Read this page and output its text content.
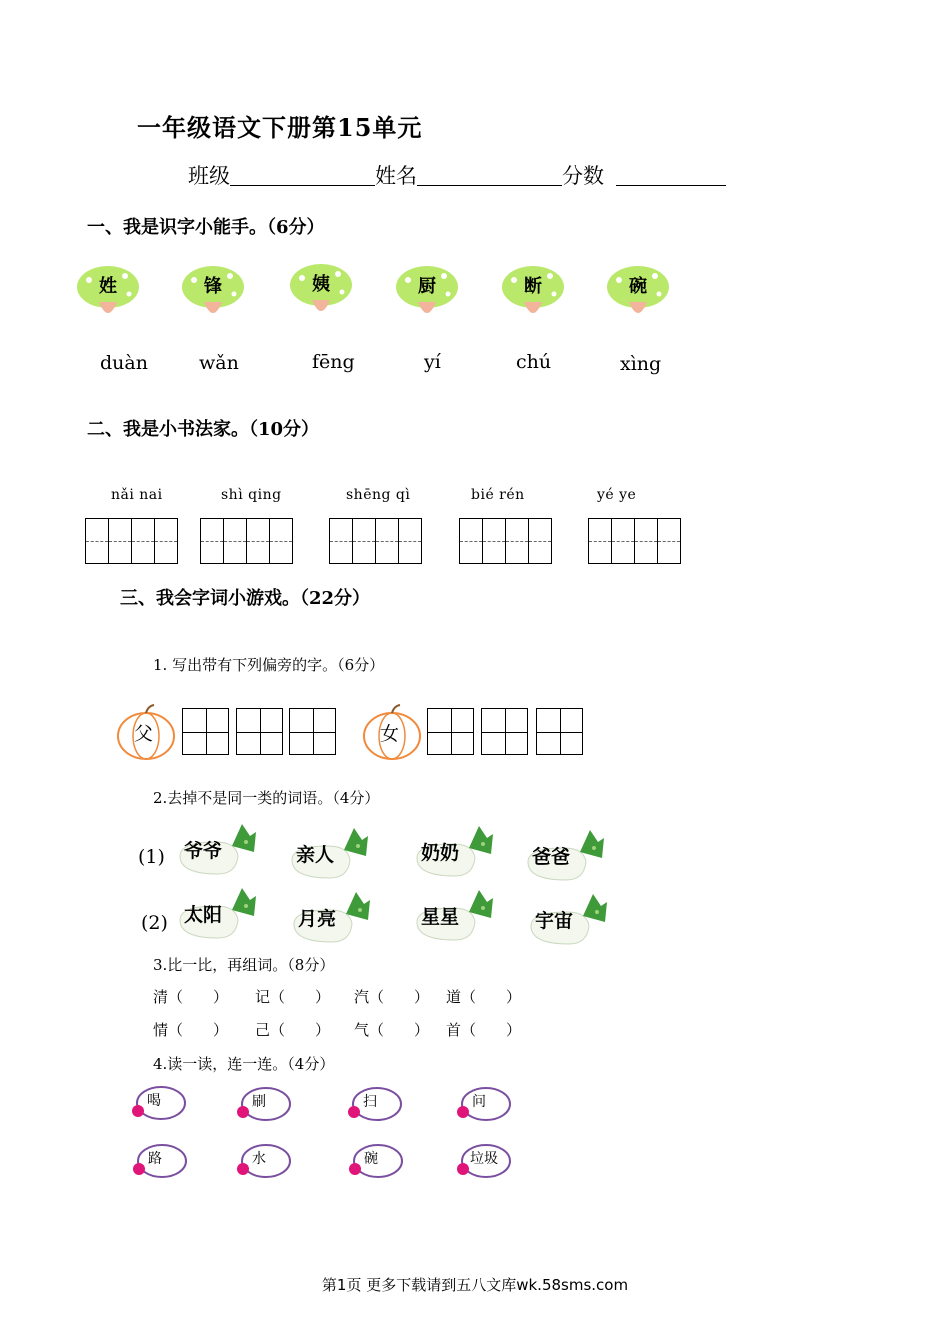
一年级语文下册第15单元
班级	姓名	分数
一、我是识字小能手。（6分）
姓	锋	姨	厨	断	碗
duàn	wǎn	fēng	yí	chú	xìng
二、我是小书法家。（10分）
nǎi nai	shì qing	shēng qì	bié rén	yé ye
三、我会字词小游戏。（22分）
1. 写出带有下列偏旁的字。（6分）
父	女
2.去掉不是同一类的词语。（4分）
(1) 爷爷	亲人	奶奶	爸爸
(2) 太阳	月亮	星星	宇宙
3.比一比，再组词。（8分）
清（　　） 记（　　） 汽（　　） 道（　　）
情（　　） 己（　　） 气（　　） 首（　　）
4.读一读，连一连。（4分）
喝	刷	扫	问
路	水	碗	垃圾
第1页 更多下载请到五八文库wk.58sms.com
